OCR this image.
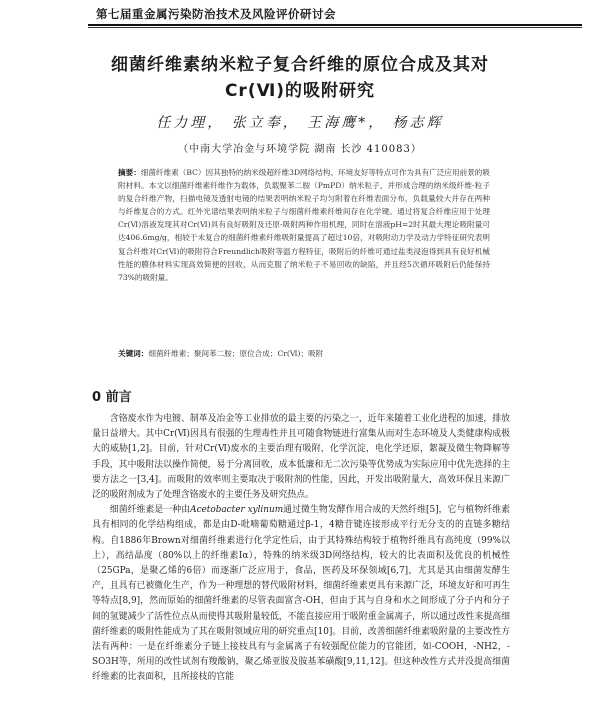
第七届重金属污染防治技术及风险评价研讨会
细菌纤维素纳米粒子复合纤维的原位合成及其对
Cr(Ⅵ)的吸附研究
任力理， 张立奉， 王海鹰*， 杨志辉
（中南大学冶金与环境学院 湖南 长沙 410083）
摘要：细菌纤维素（BC）因其独特的纳米级超纤维3D网络结构、环境友好等特点可作为具有广泛应用前景的吸附材料。本文以细菌纤维素纤维作为载体，负载聚苯二胺（PmPD）纳米粒子，并形成合理的纳米级纤维-粒子的复合纤维产物，扫描电镜及透射电镜的结果表明纳米粒子均匀附着在纤维表面分布，负载量较大并存在两种与纤维复合的方式。红外光谱结果表明纳米粒子与细菌纤维素纤维间存在化学键。通过将复合纤维应用于处理Cr(Ⅵ)溶液发现其对Cr(Ⅵ)具有良好吸附及还原-吸附两种作用机理，同时在溶液pH=2时其最大理论吸附量可达406.6mg/g，相较于未复合的细菌纤维素纤维吸附量提高了超过10倍，对吸附动力学及动力学特征研究表明复合纤维对Cr(Ⅵ)的吸附符合Freundlich吸附等温方程特征，吸附后的纤维可通过盐类浸泡得到具有良好机械性能的膜体材料实现高效简便的回收，从而克服了纳米粒子不易回收的缺陷，并且经5次循环吸附后仍能保持73%的吸附量。
关键词：细菌纤维素；聚间苯二胺；原位合成；Cr(Ⅵ)；吸附
0 前言

含铬废水作为电镀、制革及冶金等工业排放的最主要的污染之一，近年来随着工业化进程的加速，排放量日益增大。其中Cr(Ⅵ)因具有很强的生理毒性并且可随食物链进行富集从而对生态环境及人类健康构成极大的威胁[1,2]。目前，针对Cr(Ⅵ)废水的主要治理有吸附，化学沉淀，电化学还原，絮凝及微生物降解等手段，其中吸附法以操作简便，易于分离回收，成本低廉和无二次污染等优势成为实际应用中优先选择的主要方法之一[3,4]。而吸附的效率则主要取决于吸附剂的性能，因此，开发出吸附量大，高效环保且来源广泛的吸附剂成为了处理含铬废水的主要任务及研究热点。

细菌纤维素是一种由Acetobacter xylinum通过微生物发酵作用合成的天然纤维[5]，它与植物纤维素具有相同的化学结构组成，都是由D-吡喃葡萄糖通过β-1，4糖苷键连接形成平行无分支的的直链多糖结构。自1886年Brown对细菌纤维素进行化学定性后，由于其特殊结构较于植物纤维具有高纯度（99%以上），高结晶度（80%以上的纤维素Iα），特殊的纳米级3D网络结构，较大的比表面积及优良的机械性（25GPa，是聚乙烯的6倍）而逐渐广泛应用于，食品，医药及环保领域[6,7]，尤其是其由细菌发酵生产，且具有已被微化生产，作为一种理想的替代吸附材料，细菌纤维素更具有来源广泛，环境友好和可再生等特点[8,9]，然而原始的细菌纤维素的尽管表面富含-OH，但由于其与自身和水之间形成了分子内和分子间的氢键减少了活性位点从而使得其吸附量较低，不能直接应用于吸附重金属离子，所以通过改性来提高细菌纤维素的吸附性能成为了其在吸附领域应用的研究重点[10]。目前，改善细菌纤维素吸附量的主要改性方法有两种：一是在纤维素分子链上接枝具有与金属离子有较强配位能力的官能团，如-COOH，-NH2，-SO3H等，所用的改性试剂有羧酸钠，聚乙烯亚胺及胺基苯磺酸[9,11,12]。但这种改性方式并没提高细菌纤维素的比表面积，且所接枝的官能
